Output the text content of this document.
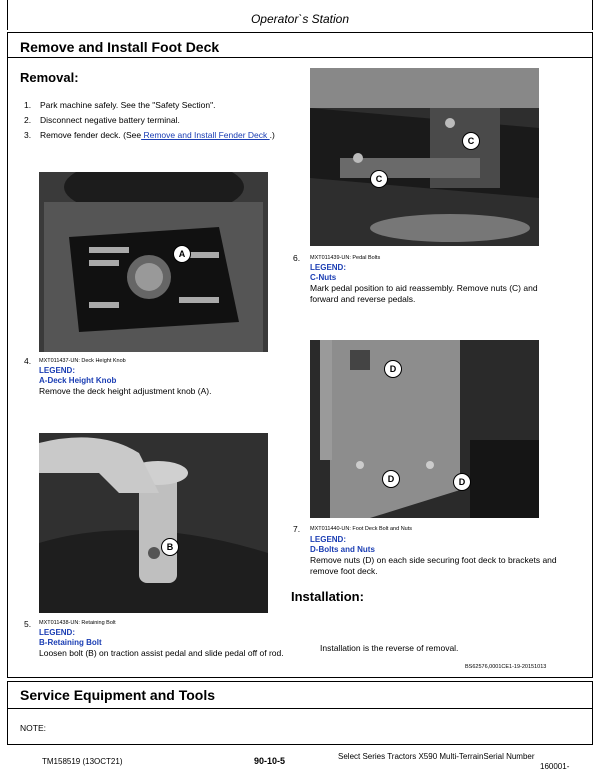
Operator`s Station
Remove and Install Foot Deck
Removal:
1. Park machine safely. See the "Safety Section".
2. Disconnect negative battery terminal.
3. Remove fender deck. (See Remove and Install Fender Deck .)
A
4. MXT011437-UN: Deck Height Knob
LEGEND:
A-Deck Height Knob
Remove the deck height adjustment knob (A).
B
5. MXT011438-UN: Retaining Bolt
LEGEND:
B-Retaining Bolt
Loosen bolt (B) on traction assist pedal and slide pedal off of rod.
C
C
6. MXT011439-UN: Pedal Bolts
LEGEND:
C-Nuts
Mark pedal position to aid reassembly. Remove nuts (C) and forward and reverse pedals.
D
D	D
7. MXT011440-UN: Foot Deck Bolt and Nuts
LEGEND:
D-Bolts and Nuts
Remove nuts (D) on each side securing foot deck to brackets and remove foot deck.
Installation:
Installation is the reverse of removal.
BS62576,0001CE1-19-20151013
Service Equipment and Tools
NOTE:
TM158519 (13OCT21)	90-10-5	Select Series Tractors X590 Multi-TerrainSerial Number
160001-
